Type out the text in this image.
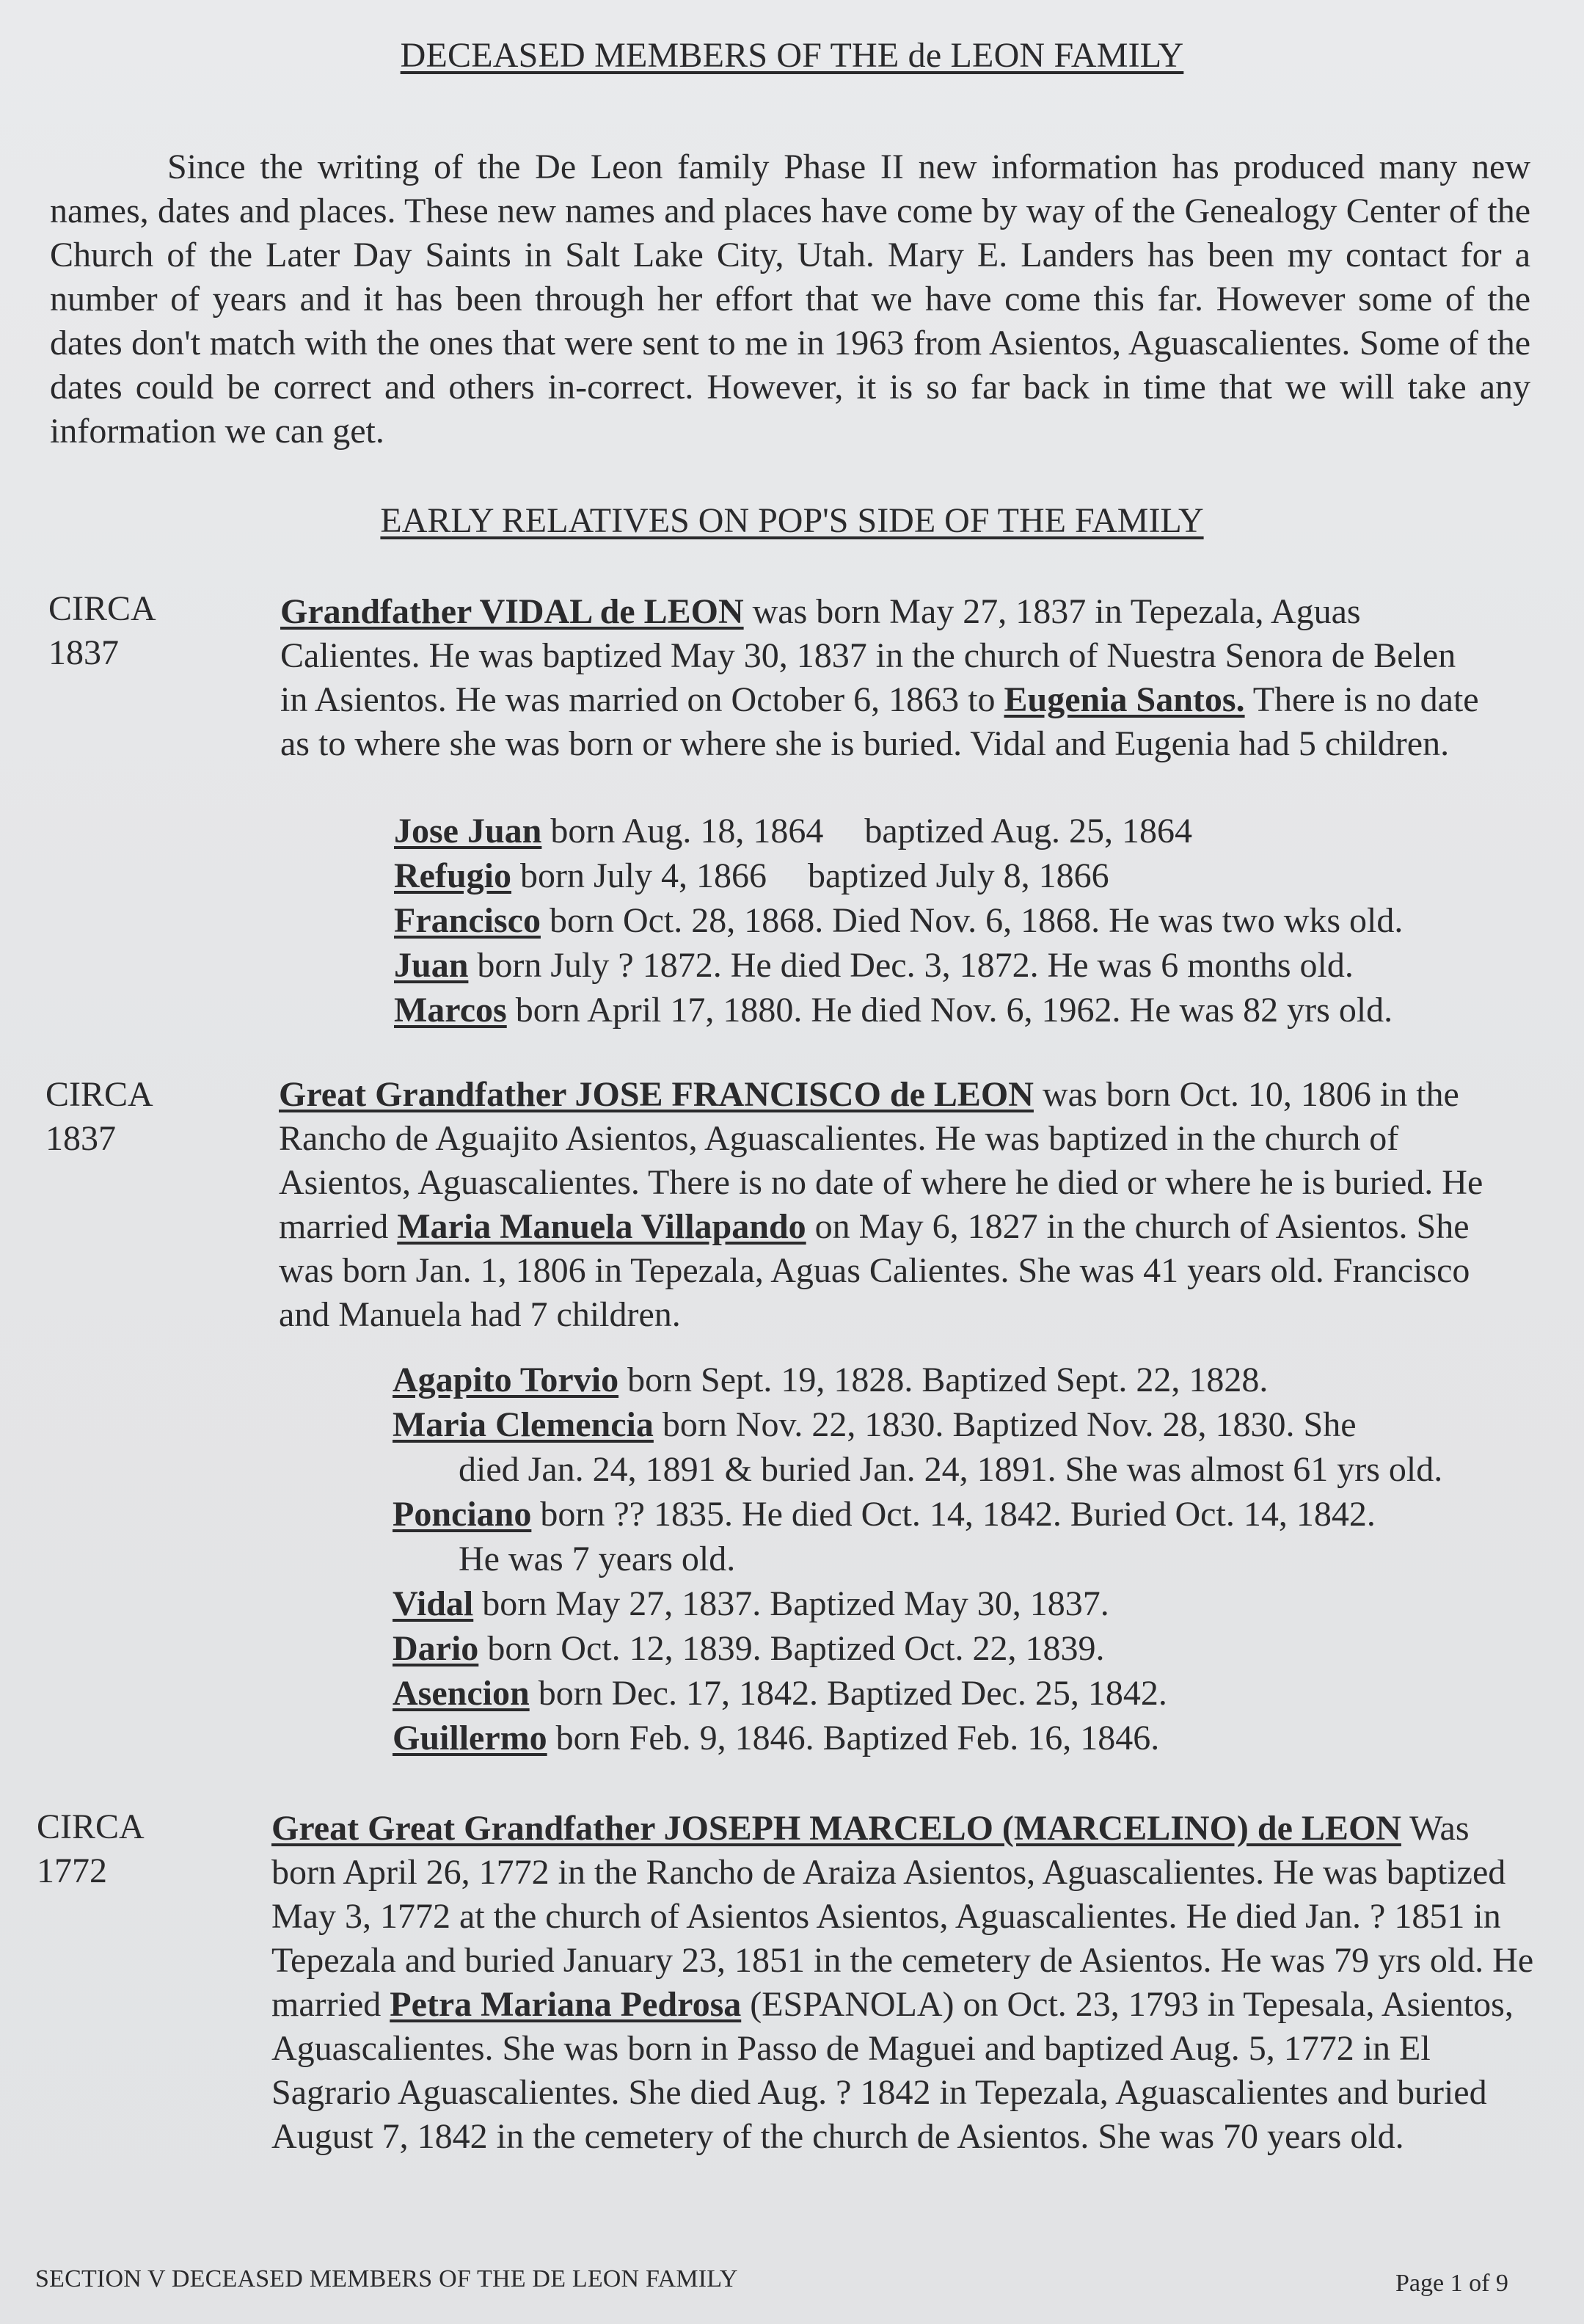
DECEASED MEMBERS OF THE de LEON FAMILY

Since the writing of the De Leon family Phase II new information has produced many new names, dates and places. These new names and places have come by way of the Genealogy Center of the Church of the Later Day Saints in Salt Lake City, Utah. Mary E. Landers has been my contact for a number of years and it has been through her effort that we have come this far. However some of the dates don't match with the ones that were sent to me in 1963 from Asientos, Aguascalientes. Some of the dates could be correct and others in-correct. However, it is so far back in time that we will take any information we can get.

EARLY RELATIVES ON POP'S SIDE OF THE FAMILY
CIRCA
1837

Grandfather VIDAL de LEON was born May 27, 1837 in Tepezala, Aguas Calientes. He was baptized May 30, 1837 in the church of Nuestra Senora de Belen in Asientos. He was married on October 6, 1863 to Eugenia Santos. There is no date as to where she was born or where she is buried. Vidal and Eugenia had 5 children.

Jose Juan born Aug. 18, 1864 baptized Aug. 25, 1864
Refugio born July 4, 1866 baptized July 8, 1866
Francisco born Oct. 28, 1868. Died Nov. 6, 1868. He was two wks old.
Juan born July ? 1872. He died Dec. 3, 1872. He was 6 months old.
Marcos born April 17, 1880. He died Nov. 6, 1962. He was 82 yrs old.
CIRCA
1837

Great Grandfather JOSE FRANCISCO de LEON was born Oct. 10, 1806 in the Rancho de Aguajito Asientos, Aguascalientes. He was baptized in the church of Asientos, Aguascalientes. There is no date of where he died or where he is buried. He married Maria Manuela Villapando on May 6, 1827 in the church of Asientos. She was born Jan. 1, 1806 in Tepezala, Aguas Calientes. She was 41 years old. Francisco and Manuela had 7 children.

Agapito Torvio born Sept. 19, 1828. Baptized Sept. 22, 1828.
Maria Clemencia born Nov. 22, 1830. Baptized Nov. 28, 1830. She
died Jan. 24, 1891 & buried Jan. 24, 1891. She was almost 61 yrs old.
Ponciano born ?? 1835. He died Oct. 14, 1842. Buried Oct. 14, 1842.
He was 7 years old.
Vidal born May 27, 1837. Baptized May 30, 1837.
Dario born Oct. 12, 1839. Baptized Oct. 22, 1839.
Asencion born Dec. 17, 1842. Baptized Dec. 25, 1842.
Guillermo born Feb. 9, 1846. Baptized Feb. 16, 1846.
CIRCA
1772

Great Great Grandfather JOSEPH MARCELO (MARCELINO) de LEON Was born April 26, 1772 in the Rancho de Araiza Asientos, Aguascalientes. He was baptized May 3, 1772 at the church of Asientos Asientos, Aguascalientes. He died Jan. ? 1851 in Tepezala and buried January 23, 1851 in the cemetery de Asientos. He was 79 yrs old. He married Petra Mariana Pedrosa (ESPANOLA) on Oct. 23, 1793 in Tepesala, Asientos, Aguascalientes. She was born in Passo de Maguei and baptized Aug. 5, 1772 in El Sagrario Aguascalientes. She died Aug. ? 1842 in Tepezala, Aguascalientes and buried August 7, 1842 in the cemetery of the church de Asientos. She was 70 years old.

SECTION V DECEASED MEMBERS OF THE DE LEON FAMILY	Page 1 of 9
